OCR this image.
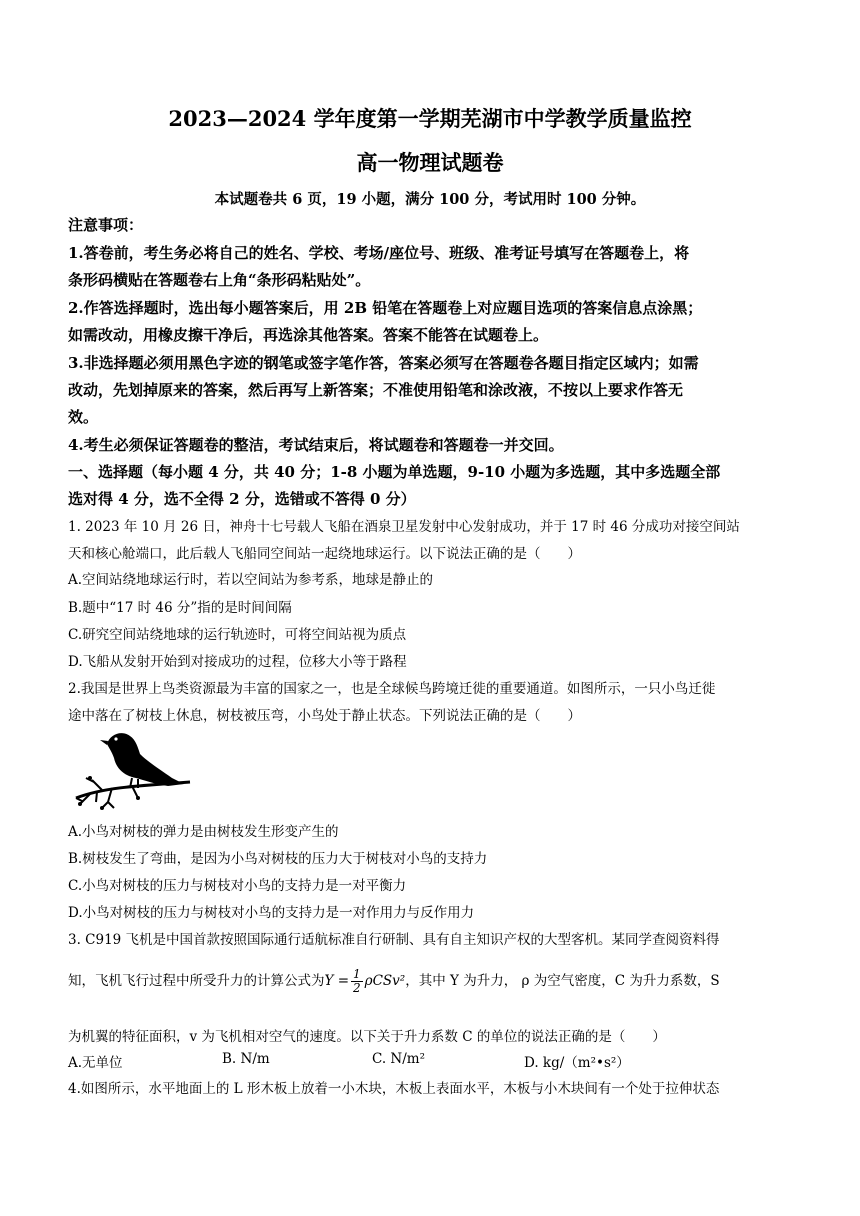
2023—2024 学年度第一学期芜湖市中学教学质量监控
高一物理试题卷
本试题卷共 6 页，19 小题，满分 100 分，考试用时 100 分钟。
注意事项：
1.答卷前，考生务必将自己的姓名、学校、考场/座位号、班级、准考证号填写在答题卷上，将
条形码横贴在答题卷右上角“条形码粘贴处”。
2.作答选择题时，选出每小题答案后，用 2B 铅笔在答题卷上对应题目选项的答案信息点涂黑；
如需改动，用橡皮擦干净后，再选涂其他答案。答案不能答在试题卷上。
3.非选择题必须用黑色字迹的钢笔或签字笔作答，答案必须写在答题卷各题目指定区域内；如需
改动，先划掉原来的答案，然后再写上新答案；不准使用铅笔和涂改液，不按以上要求作答无
效。
4.考生必须保证答题卷的整洁，考试结束后，将试题卷和答题卷一并交回。
一、选择题（每小题 4 分，共 40 分；1-8 小题为单选题，9-10 小题为多选题，其中多选题全部
选对得 4 分，选不全得 2 分，选错或不答得 0 分）
1. 2023 年 10 月 26 日，神舟十七号载人飞船在酒泉卫星发射中心发射成功，并于 17 时 46 分成功对接空间站
天和核心舱端口，此后载人飞船同空间站一起绕地球运行。以下说法正确的是（　　）
A.空间站绕地球运行时，若以空间站为参考系，地球是静止的
B.题中“17 时 46 分”指的是时间间隔
C.研究空间站绕地球的运行轨迹时，可将空间站视为质点
D.飞船从发射开始到对接成功的过程，位移大小等于路程
2.我国是世界上鸟类资源最为丰富的国家之一，也是全球候鸟跨境迁徙的重要通道。如图所示，一只小鸟迁徙
途中落在了树枝上休息，树枝被压弯，小鸟处于静止状态。下列说法正确的是（　　）
A.小鸟对树枝的弹力是由树枝发生形变产生的
B.树枝发生了弯曲，是因为小鸟对树枝的压力大于树枝对小鸟的支持力
C.小鸟对树枝的压力与树枝对小鸟的支持力是一对平衡力
D.小鸟对树枝的压力与树枝对小鸟的支持力是一对作用力与反作用力
3. C919 飞机是中国首款按照国际通行适航标准自行研制、具有自主知识产权的大型客机。某同学查阅资料得
知，飞机飞行过程中所受升力的计算公式为$Y = \frac{1}{2} \rho CSv^2$，其中 Y 为升力， ρ 为空气密度，C 为升力系数，S
为机翼的特征面积，v 为飞机相对空气的速度。以下关于升力系数 C 的单位的说法正确的是（　　）
A.无单位	B. N/m	C. N/m²	D. kg/（m²•s²）
4.如图所示，水平地面上的 L 形木板上放着一小木块，木板上表面水平，木板与小木块间有一个处于拉伸状态
